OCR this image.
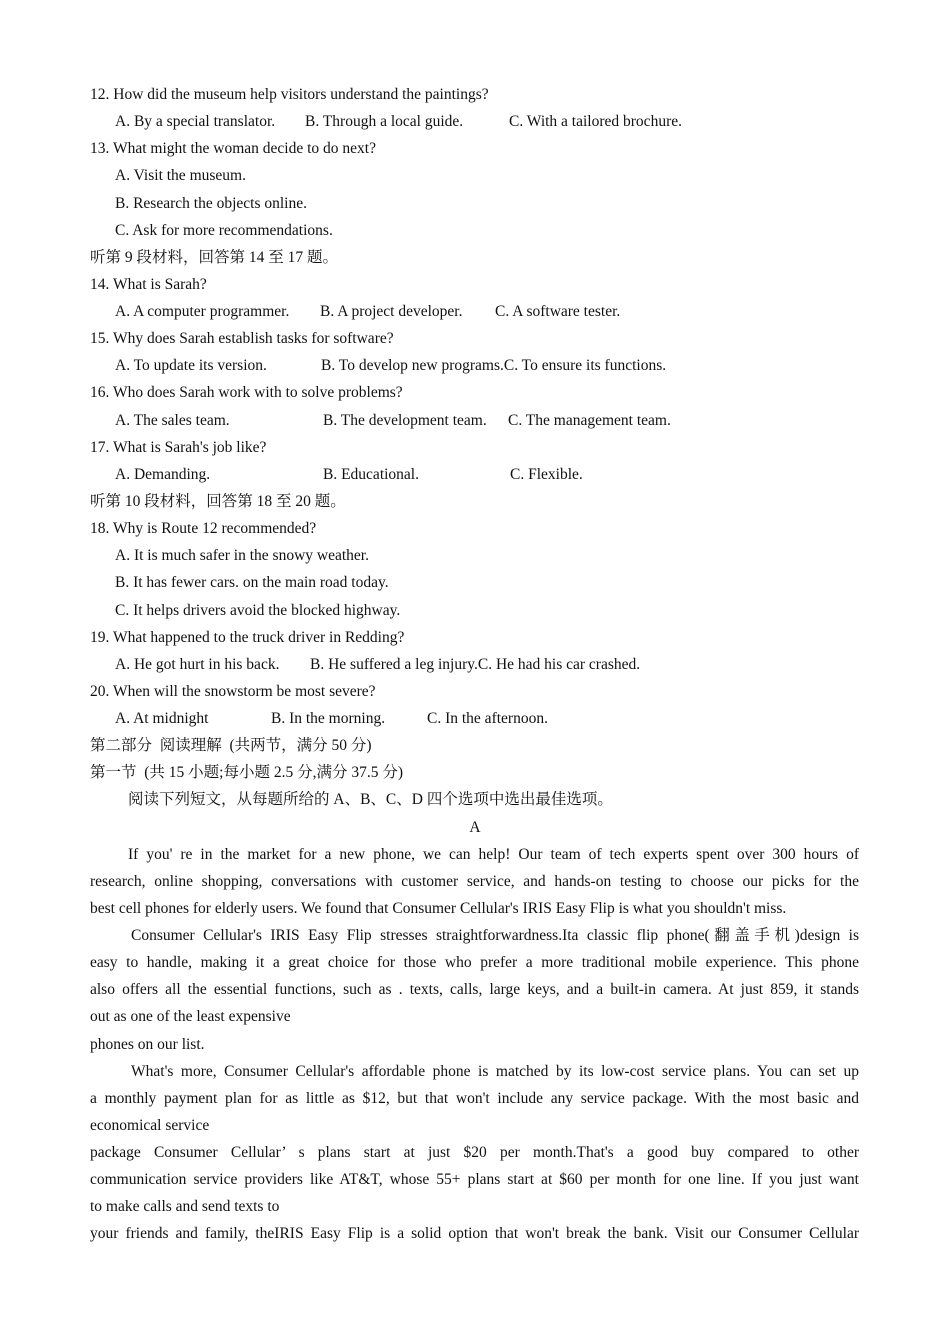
12. How did the museum help visitors understand the paintings?
A. By a special translator. B. Through a local guide.	C. With a tailored brochure.
13. What might the woman decide to do next?
A. Visit the museum.
B. Research the objects online.
C. Ask for more recommendations.
听第 9 段材料，回答第 14 至 17 题。
14. What is Sarah?
A. A computer programmer. B. A project developer. C. A software tester.
15. Why does Sarah establish tasks for software?
A. To update its version.	B. To develop new programs.C. To ensure its functions.
16. Who does Sarah work with to solve problems?
A. The sales team.	B. The development team. C. The management team.
17. What is Sarah's job like?
A. Demanding.	B. Educational.	C. Flexible.
听第 10 段材料，回答第 18 至 20 题。
18. Why is Route 12 recommended?
A. It is much safer in the snowy weather.
B. It has fewer cars. on the main road today.
C. It helps drivers avoid the blocked highway.
19. What happened to the truck driver in Redding?
A. He got hurt in his back. B. He suffered a leg injury.C. He had his car crashed.
20. When will the snowstorm be most severe?
A. At midnight	B. In the morning.	C. In the afternoon.
第二部分  阅读理解  (共两节，满分 50 分)
第一节  (共 15 小题;每小题 2.5 分,满分 37.5 分)
阅读下列短文，从每题所给的 A、B、C、D 四个选项中选出最佳选项。
A
If you' re in the market for a new phone, we can help! Our team of tech experts spent over 300 hours of
research, online shopping, conversations with customer service, and hands-on testing to choose our picks for the
best cell phones for elderly users. We found that Consumer Cellular's IRIS Easy Flip is what you shouldn't miss.
Consumer Cellular's IRIS Easy Flip stresses straightforwardness.Ita classic flip phone(翻盖手机)design is
easy to handle, making it a great choice for those who prefer a more traditional mobile experience. This phone
also offers all the essential functions, such as . texts, calls, large keys, and a built-in camera. At just 859, it stands
out as one of the least expensive
phones on our list.
What's more, Consumer Cellular's affordable phone is matched by its low-cost service plans. You can set up
a monthly payment plan for as little as $12, but that won't include any service package. With the most basic and
economical service
package Consumer Cellular’ s plans start at just $20 per month.That's a good buy compared to other
communication service providers like AT&T, whose 55+ plans start at $60 per month for one line. If you just want
to make calls and send texts to
your friends and family, theIRIS Easy Flip is a solid option that won't break the bank. Visit our Consumer Cellular
